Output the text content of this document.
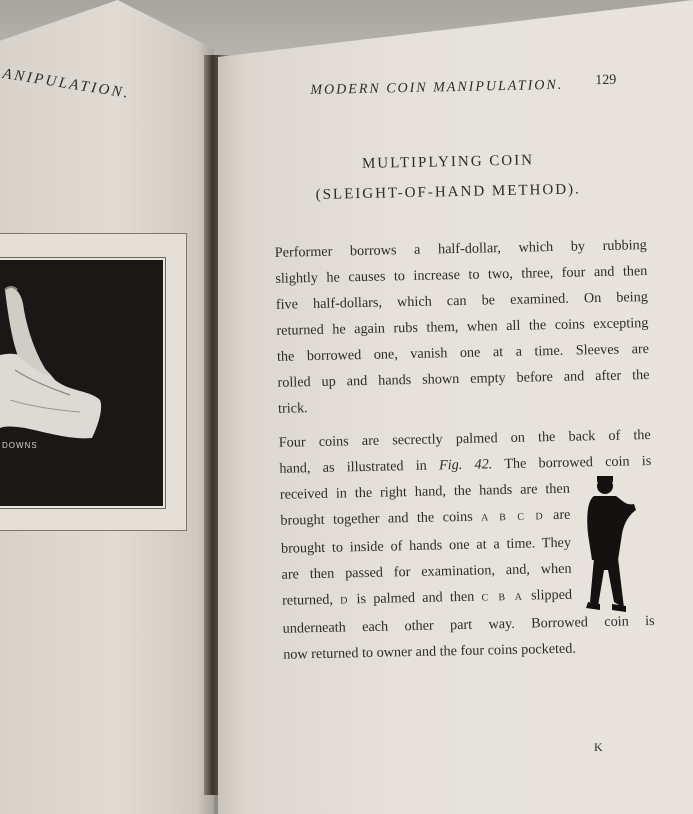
ANIPULATION.
DOWNS
MODERN COIN MANIPULATION. 129
MULTIPLYING COIN
(SLEIGHT-OF-HAND METHOD).
Performer borrows a half-dollar, which by rubbing
slightly he causes to increase to two, three, four and then
five half-dollars, which can be examined. On being
returned he again rubs them, when all the coins excepting
the borrowed one, vanish one at a time. Sleeves are
rolled up and hands shown empty before and after the
trick.
Four coins are secrectly palmed on the back of the
hand, as illustrated in Fig. 42. The borrowed coin is
received in the right hand, the hands are then
brought together and the coins A B C D are
brought to inside of hands one at a time. They
are then passed for examination, and, when
returned, D is palmed and then C B A slipped
underneath each other part way. Borrowed coin is
now returned to owner and the four coins pocketed.
K
